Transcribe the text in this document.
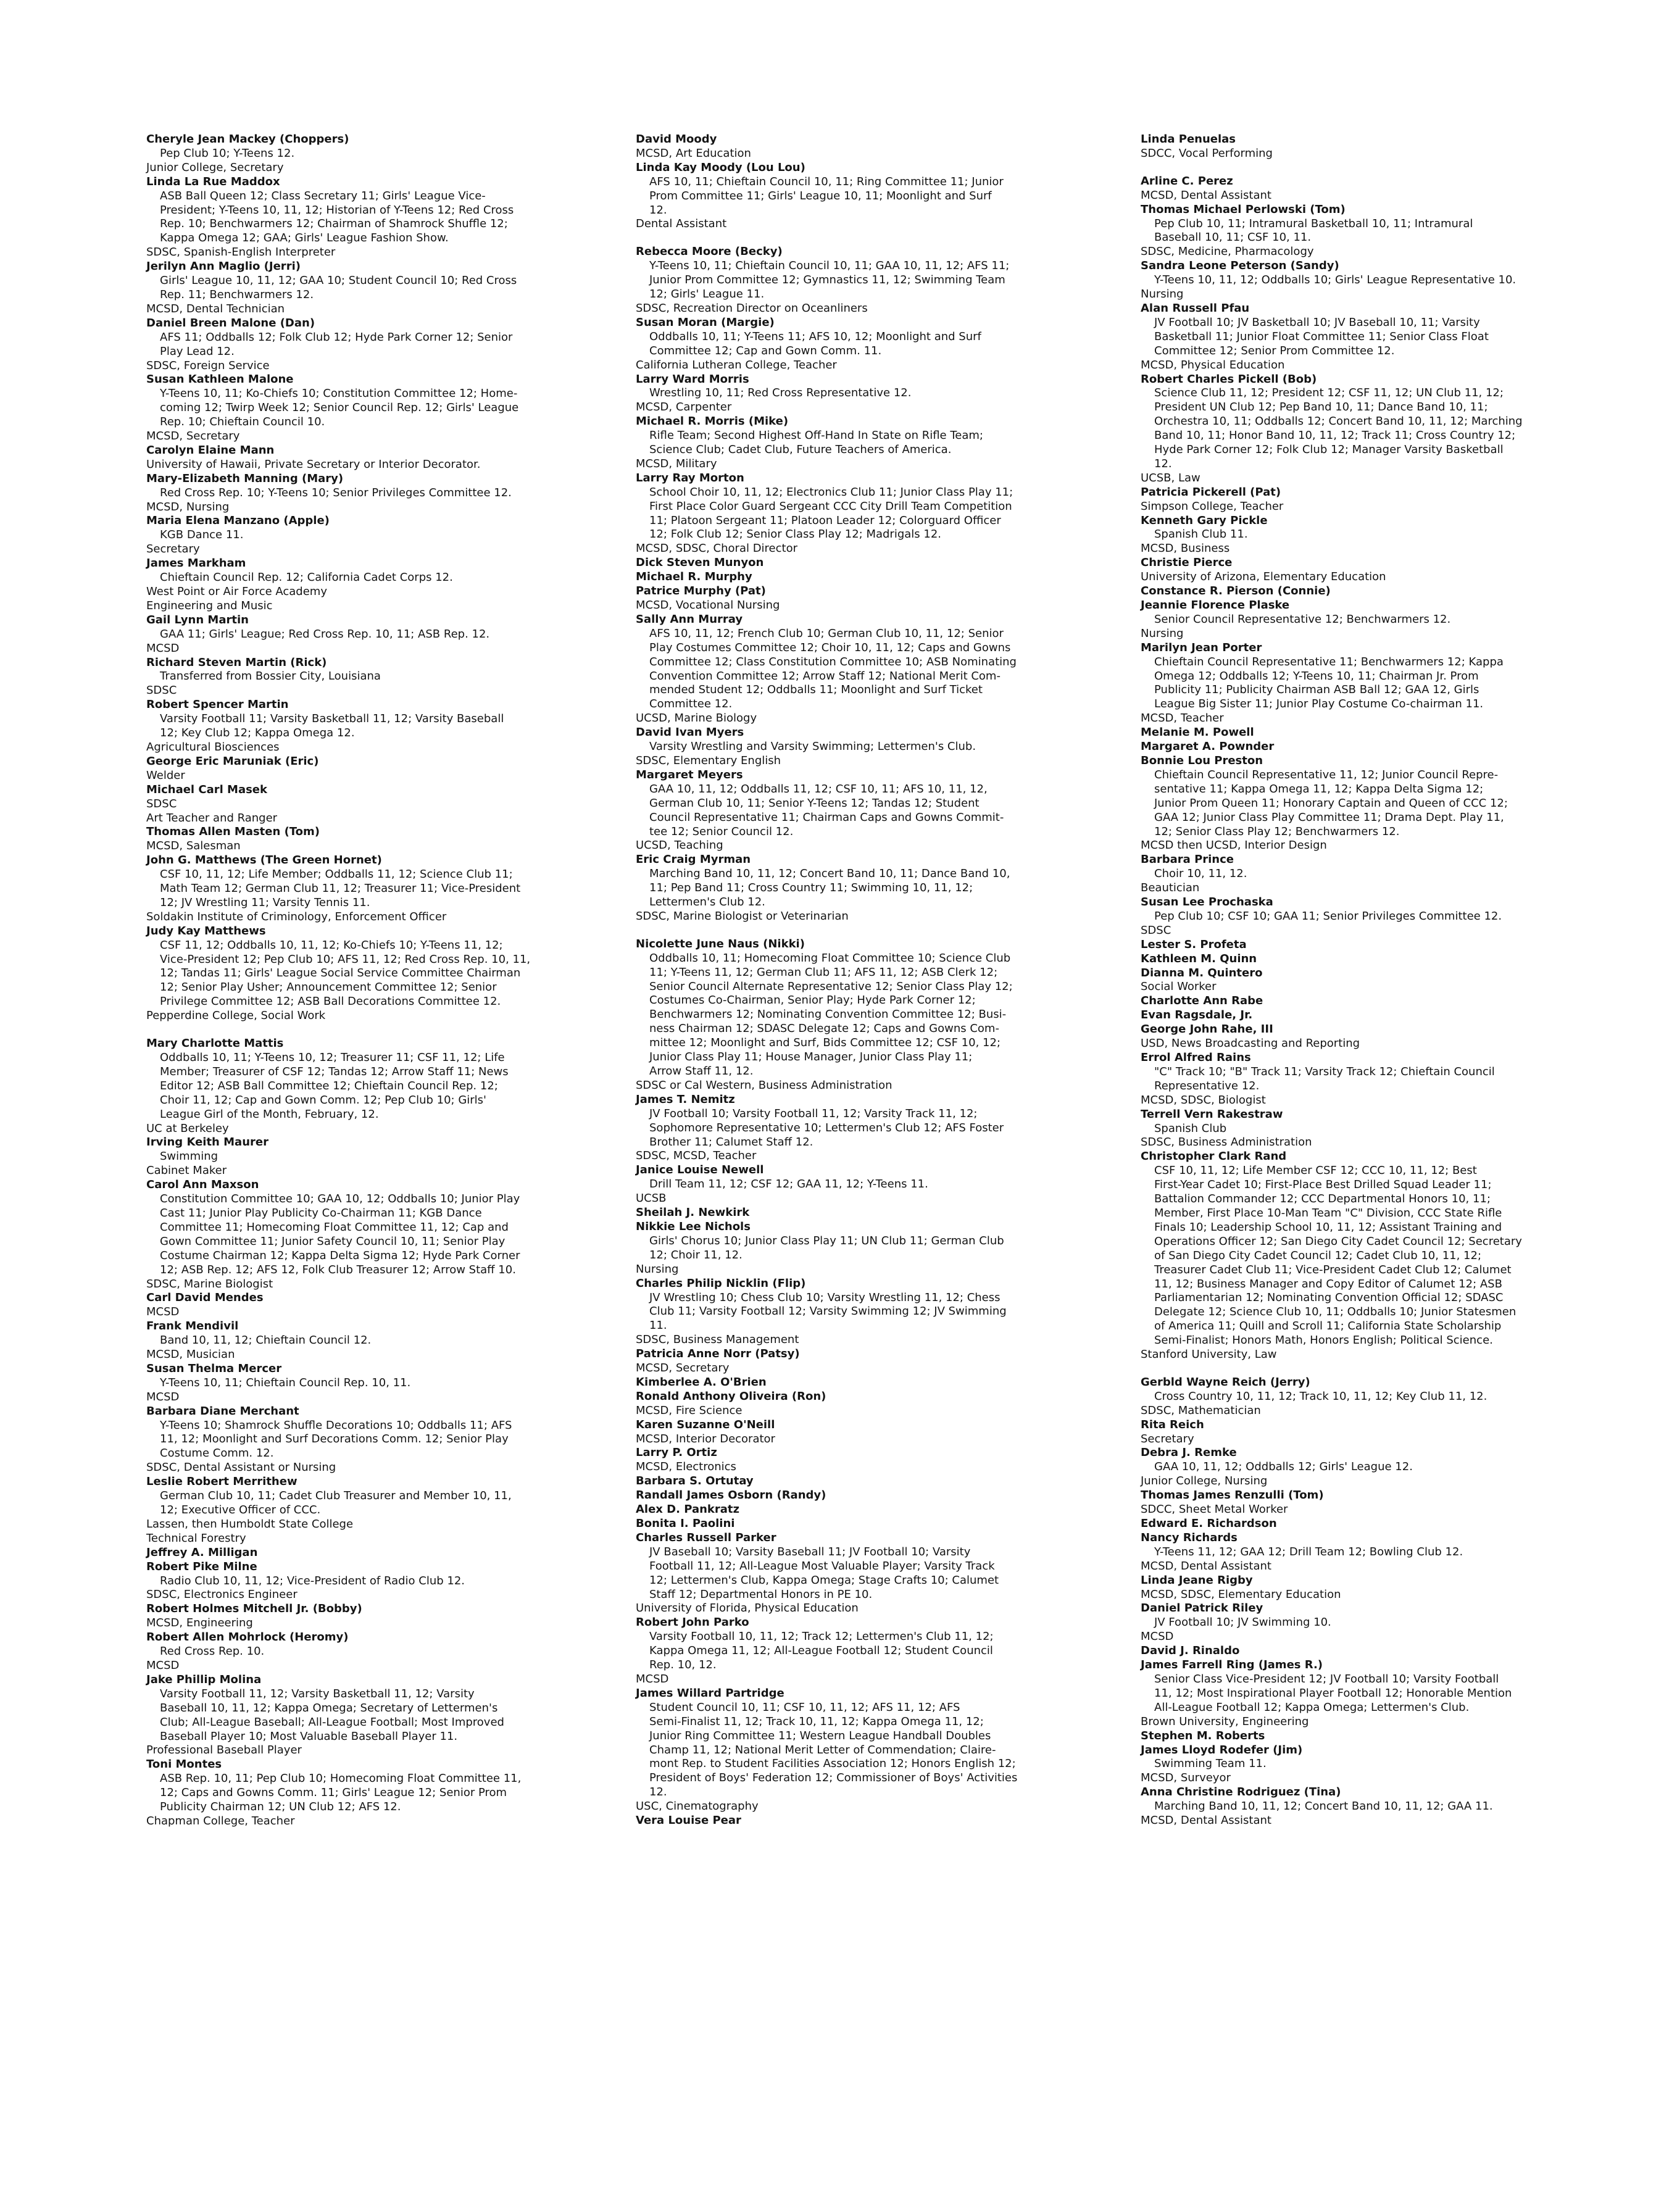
Cheryle Jean Mackey (Choppers)
Pep Club 10; Y-Teens 12.
Junior College, Secretary
Linda La Rue Maddox
ASB Ball Queen 12; Class Secretary 11; Girls' League Vice-
President; Y-Teens 10, 11, 12; Historian of Y-Teens 12; Red Cross
Rep. 10; Benchwarmers 12; Chairman of Shamrock Shuffle 12;
Kappa Omega 12; GAA; Girls' League Fashion Show.
SDSC, Spanish-English Interpreter
Jerilyn Ann Maglio (Jerri)
Girls' League 10, 11, 12; GAA 10; Student Council 10; Red Cross
Rep. 11; Benchwarmers 12.
MCSD, Dental Technician
Daniel Breen Malone (Dan)
AFS 11; Oddballs 12; Folk Club 12; Hyde Park Corner 12; Senior
Play Lead 12.
SDSC, Foreign Service
Susan Kathleen Malone
Y-Teens 10, 11; Ko-Chiefs 10; Constitution Committee 12; Home-
coming 12; Twirp Week 12; Senior Council Rep. 12; Girls' League
Rep. 10; Chieftain Council 10.
MCSD, Secretary
Carolyn Elaine Mann
University of Hawaii, Private Secretary or Interior Decorator.
Mary-Elizabeth Manning (Mary)
Red Cross Rep. 10; Y-Teens 10; Senior Privileges Committee 12.
MCSD, Nursing
Maria Elena Manzano (Apple)
KGB Dance 11.
Secretary
James Markham
Chieftain Council Rep. 12; California Cadet Corps 12.
West Point or Air Force Academy
Engineering and Music
Gail Lynn Martin
GAA 11; Girls' League; Red Cross Rep. 10, 11; ASB Rep. 12.
MCSD
Richard Steven Martin (Rick)
Transferred from Bossier City, Louisiana
SDSC
Robert Spencer Martin
Varsity Football 11; Varsity Basketball 11, 12; Varsity Baseball
12; Key Club 12; Kappa Omega 12.
Agricultural Biosciences
George Eric Maruniak (Eric)
Welder
Michael Carl Masek
SDSC
Art Teacher and Ranger
Thomas Allen Masten (Tom)
MCSD, Salesman
John G. Matthews (The Green Hornet)
CSF 10, 11, 12; Life Member; Oddballs 11, 12; Science Club 11;
Math Team 12; German Club 11, 12; Treasurer 11; Vice-President
12; JV Wrestling 11; Varsity Tennis 11.
Soldakin Institute of Criminology, Enforcement Officer
Judy Kay Matthews
CSF 11, 12; Oddballs 10, 11, 12; Ko-Chiefs 10; Y-Teens 11, 12;
Vice-President 12; Pep Club 10; AFS 11, 12; Red Cross Rep. 10, 11,
12; Tandas 11; Girls' League Social Service Committee Chairman
12; Senior Play Usher; Announcement Committee 12; Senior
Privilege Committee 12; ASB Ball Decorations Committee 12.
Pepperdine College, Social Work
Mary Charlotte Mattis
Oddballs 10, 11; Y-Teens 10, 12; Treasurer 11; CSF 11, 12; Life
Member; Treasurer of CSF 12; Tandas 12; Arrow Staff 11; News
Editor 12; ASB Ball Committee 12; Chieftain Council Rep. 12;
Choir 11, 12; Cap and Gown Comm. 12; Pep Club 10; Girls'
League Girl of the Month, February, 12.
UC at Berkeley
Irving Keith Maurer
Swimming
Cabinet Maker
Carol Ann Maxson
Constitution Committee 10; GAA 10, 12; Oddballs 10; Junior Play
Cast 11; Junior Play Publicity Co-Chairman 11; KGB Dance
Committee 11; Homecoming Float Committee 11, 12; Cap and
Gown Committee 11; Junior Safety Council 10, 11; Senior Play
Costume Chairman 12; Kappa Delta Sigma 12; Hyde Park Corner
12; ASB Rep. 12; AFS 12, Folk Club Treasurer 12; Arrow Staff 10.
SDSC, Marine Biologist
Carl David Mendes
MCSD
Frank Mendivil
Band 10, 11, 12; Chieftain Council 12.
MCSD, Musician
Susan Thelma Mercer
Y-Teens 10, 11; Chieftain Council Rep. 10, 11.
MCSD
Barbara Diane Merchant
Y-Teens 10; Shamrock Shuffle Decorations 10; Oddballs 11; AFS
11, 12; Moonlight and Surf Decorations Comm. 12; Senior Play
Costume Comm. 12.
SDSC, Dental Assistant or Nursing
Leslie Robert Merrithew
German Club 10, 11; Cadet Club Treasurer and Member 10, 11,
12; Executive Officer of CCC.
Lassen, then Humboldt State College
Technical Forestry
Jeffrey A. Milligan
Robert Pike Milne
Radio Club 10, 11, 12; Vice-President of Radio Club 12.
SDSC, Electronics Engineer
Robert Holmes Mitchell Jr. (Bobby)
MCSD, Engineering
Robert Allen Mohrlock (Heromy)
Red Cross Rep. 10.
MCSD
Jake Phillip Molina
Varsity Football 11, 12; Varsity Basketball 11, 12; Varsity
Baseball 10, 11, 12; Kappa Omega; Secretary of Lettermen's
Club; All-League Baseball; All-League Football; Most Improved
Baseball Player 10; Most Valuable Baseball Player 11.
Professional Baseball Player
Toni Montes
ASB Rep. 10, 11; Pep Club 10; Homecoming Float Committee 11,
12; Caps and Gowns Comm. 11; Girls' League 12; Senior Prom
Publicity Chairman 12; UN Club 12; AFS 12.
Chapman College, Teacher
David Moody
MCSD, Art Education
Linda Kay Moody (Lou Lou)
AFS 10, 11; Chieftain Council 10, 11; Ring Committee 11; Junior
Prom Committee 11; Girls' League 10, 11; Moonlight and Surf
12.
Dental Assistant
Rebecca Moore (Becky)
Y-Teens 10, 11; Chieftain Council 10, 11; GAA 10, 11, 12; AFS 11;
Junior Prom Committee 12; Gymnastics 11, 12; Swimming Team
12; Girls' League 11.
SDSC, Recreation Director on Oceanliners
Susan Moran (Margie)
Oddballs 10, 11; Y-Teens 11; AFS 10, 12; Moonlight and Surf
Committee 12; Cap and Gown Comm. 11.
California Lutheran College, Teacher
Larry Ward Morris
Wrestling 10, 11; Red Cross Representative 12.
MCSD, Carpenter
Michael R. Morris (Mike)
Rifle Team; Second Highest Off-Hand In State on Rifle Team;
Science Club; Cadet Club, Future Teachers of America.
MCSD, Military
Larry Ray Morton
School Choir 10, 11, 12; Electronics Club 11; Junior Class Play 11;
First Place Color Guard Sergeant CCC City Drill Team Competition
11; Platoon Sergeant 11; Platoon Leader 12; Colorguard Officer
12; Folk Club 12; Senior Class Play 12; Madrigals 12.
MCSD, SDSC, Choral Director
Dick Steven Munyon
Michael R. Murphy
Patrice Murphy (Pat)
MCSD, Vocational Nursing
Sally Ann Murray
AFS 10, 11, 12; French Club 10; German Club 10, 11, 12; Senior
Play Costumes Committee 12; Choir 10, 11, 12; Caps and Gowns
Committee 12; Class Constitution Committee 10; ASB Nominating
Convention Committee 12; Arrow Staff 12; National Merit Com-
mended Student 12; Oddballs 11; Moonlight and Surf Ticket
Committee 12.
UCSD, Marine Biology
David Ivan Myers
Varsity Wrestling and Varsity Swimming; Lettermen's Club.
SDSC, Elementary English
Margaret Meyers
GAA 10, 11, 12; Oddballs 11, 12; CSF 10, 11; AFS 10, 11, 12,
German Club 10, 11; Senior Y-Teens 12; Tandas 12; Student
Council Representative 11; Chairman Caps and Gowns Commit-
tee 12; Senior Council 12.
UCSD, Teaching
Eric Craig Myrman
Marching Band 10, 11, 12; Concert Band 10, 11; Dance Band 10,
11; Pep Band 11; Cross Country 11; Swimming 10, 11, 12;
Lettermen's Club 12.
SDSC, Marine Biologist or Veterinarian
Nicolette June Naus (Nikki)
Oddballs 10, 11; Homecoming Float Committee 10; Science Club
11; Y-Teens 11, 12; German Club 11; AFS 11, 12; ASB Clerk 12;
Senior Council Alternate Representative 12; Senior Class Play 12;
Costumes Co-Chairman, Senior Play; Hyde Park Corner 12;
Benchwarmers 12; Nominating Convention Committee 12; Busi-
ness Chairman 12; SDASC Delegate 12; Caps and Gowns Com-
mittee 12; Moonlight and Surf, Bids Committee 12; CSF 10, 12;
Junior Class Play 11; House Manager, Junior Class Play 11;
Arrow Staff 11, 12.
SDSC or Cal Western, Business Administration
James T. Nemitz
JV Football 10; Varsity Football 11, 12; Varsity Track 11, 12;
Sophomore Representative 10; Lettermen's Club 12; AFS Foster
Brother 11; Calumet Staff 12.
SDSC, MCSD, Teacher
Janice Louise Newell
Drill Team 11, 12; CSF 12; GAA 11, 12; Y-Teens 11.
UCSB
Sheilah J. Newkirk
Nikkie Lee Nichols
Girls' Chorus 10; Junior Class Play 11; UN Club 11; German Club
12; Choir 11, 12.
Nursing
Charles Philip Nicklin (Flip)
JV Wrestling 10; Chess Club 10; Varsity Wrestling 11, 12; Chess
Club 11; Varsity Football 12; Varsity Swimming 12; JV Swimming
11.
SDSC, Business Management
Patricia Anne Norr (Patsy)
MCSD, Secretary
Kimberlee A. O'Brien
Ronald Anthony Oliveira (Ron)
MCSD, Fire Science
Karen Suzanne O'Neill
MCSD, Interior Decorator
Larry P. Ortiz
MCSD, Electronics
Barbara S. Ortutay
Randall James Osborn (Randy)
Alex D. Pankratz
Bonita I. Paolini
Charles Russell Parker
JV Baseball 10; Varsity Baseball 11; JV Football 10; Varsity
Football 11, 12; All-League Most Valuable Player; Varsity Track
12; Lettermen's Club, Kappa Omega; Stage Crafts 10; Calumet
Staff 12; Departmental Honors in PE 10.
University of Florida, Physical Education
Robert John Parko
Varsity Football 10, 11, 12; Track 12; Lettermen's Club 11, 12;
Kappa Omega 11, 12; All-League Football 12; Student Council
Rep. 10, 12.
MCSD
James Willard Partridge
Student Council 10, 11; CSF 10, 11, 12; AFS 11, 12; AFS
Semi-Finalist 11, 12; Track 10, 11, 12; Kappa Omega 11, 12;
Junior Ring Committee 11; Western League Handball Doubles
Champ 11, 12; National Merit Letter of Commendation; Claire-
mont Rep. to Student Facilities Association 12; Honors English 12;
President of Boys' Federation 12; Commissioner of Boys' Activities
12.
USC, Cinematography
Vera Louise Pear
Linda Penuelas
SDCC, Vocal Performing
Arline C. Perez
MCSD, Dental Assistant
Thomas Michael Perlowski (Tom)
Pep Club 10, 11; Intramural Basketball 10, 11; Intramural
Baseball 10, 11; CSF 10, 11.
SDSC, Medicine, Pharmacology
Sandra Leone Peterson (Sandy)
Y-Teens 10, 11, 12; Oddballs 10; Girls' League Representative 10.
Nursing
Alan Russell Pfau
JV Football 10; JV Basketball 10; JV Baseball 10, 11; Varsity
Basketball 11; Junior Float Committee 11; Senior Class Float
Committee 12; Senior Prom Committee 12.
MCSD, Physical Education
Robert Charles Pickell (Bob)
Science Club 11, 12; President 12; CSF 11, 12; UN Club 11, 12;
President UN Club 12; Pep Band 10, 11; Dance Band 10, 11;
Orchestra 10, 11; Oddballs 12; Concert Band 10, 11, 12; Marching
Band 10, 11; Honor Band 10, 11, 12; Track 11; Cross Country 12;
Hyde Park Corner 12; Folk Club 12; Manager Varsity Basketball
12.
UCSB, Law
Patricia Pickerell (Pat)
Simpson College, Teacher
Kenneth Gary Pickle
Spanish Club 11.
MCSD, Business
Christie Pierce
University of Arizona, Elementary Education
Constance R. Pierson (Connie)
Jeannie Florence Plaske
Senior Council Representative 12; Benchwarmers 12.
Nursing
Marilyn Jean Porter
Chieftain Council Representative 11; Benchwarmers 12; Kappa
Omega 12; Oddballs 12; Y-Teens 10, 11; Chairman Jr. Prom
Publicity 11; Publicity Chairman ASB Ball 12; GAA 12, Girls
League Big Sister 11; Junior Play Costume Co-chairman 11.
MCSD, Teacher
Melanie M. Powell
Margaret A. Pownder
Bonnie Lou Preston
Chieftain Council Representative 11, 12; Junior Council Repre-
sentative 11; Kappa Omega 11, 12; Kappa Delta Sigma 12;
Junior Prom Queen 11; Honorary Captain and Queen of CCC 12;
GAA 12; Junior Class Play Committee 11; Drama Dept. Play 11,
12; Senior Class Play 12; Benchwarmers 12.
MCSD then UCSD, Interior Design
Barbara Prince
Choir 10, 11, 12.
Beautician
Susan Lee Prochaska
Pep Club 10; CSF 10; GAA 11; Senior Privileges Committee 12.
SDSC
Lester S. Profeta
Kathleen M. Quinn
Dianna M. Quintero
Social Worker
Charlotte Ann Rabe
Evan Ragsdale, Jr.
George John Rahe, III
USD, News Broadcasting and Reporting
Errol Alfred Rains
"C" Track 10; "B" Track 11; Varsity Track 12; Chieftain Council
Representative 12.
MCSD, SDSC, Biologist
Terrell Vern Rakestraw
Spanish Club
SDSC, Business Administration
Christopher Clark Rand
CSF 10, 11, 12; Life Member CSF 12; CCC 10, 11, 12; Best
First-Year Cadet 10; First-Place Best Drilled Squad Leader 11;
Battalion Commander 12; CCC Departmental Honors 10, 11;
Member, First Place 10-Man Team "C" Division, CCC State Rifle
Finals 10; Leadership School 10, 11, 12; Assistant Training and
Operations Officer 12; San Diego City Cadet Council 12; Secretary
of San Diego City Cadet Council 12; Cadet Club 10, 11, 12;
Treasurer Cadet Club 11; Vice-President Cadet Club 12; Calumet
11, 12; Business Manager and Copy Editor of Calumet 12; ASB
Parliamentarian 12; Nominating Convention Official 12; SDASC
Delegate 12; Science Club 10, 11; Oddballs 10; Junior Statesmen
of America 11; Quill and Scroll 11; California State Scholarship
Semi-Finalist; Honors Math, Honors English; Political Science.
Stanford University, Law
Gerbld Wayne Reich (Jerry)
Cross Country 10, 11, 12; Track 10, 11, 12; Key Club 11, 12.
SDSC, Mathematician
Rita Reich
Secretary
Debra J. Remke
GAA 10, 11, 12; Oddballs 12; Girls' League 12.
Junior College, Nursing
Thomas James Renzulli (Tom)
SDCC, Sheet Metal Worker
Edward E. Richardson
Nancy Richards
Y-Teens 11, 12; GAA 12; Drill Team 12; Bowling Club 12.
MCSD, Dental Assistant
Linda Jeane Rigby
MCSD, SDSC, Elementary Education
Daniel Patrick Riley
JV Football 10; JV Swimming 10.
MCSD
David J. Rinaldo
James Farrell Ring (James R.)
Senior Class Vice-President 12; JV Football 10; Varsity Football
11, 12; Most Inspirational Player Football 12; Honorable Mention
All-League Football 12; Kappa Omega; Lettermen's Club.
Brown University, Engineering
Stephen M. Roberts
James Lloyd Rodefer (Jim)
Swimming Team 11.
MCSD, Surveyor
Anna Christine Rodriguez (Tina)
Marching Band 10, 11, 12; Concert Band 10, 11, 12; GAA 11.
MCSD, Dental Assistant
